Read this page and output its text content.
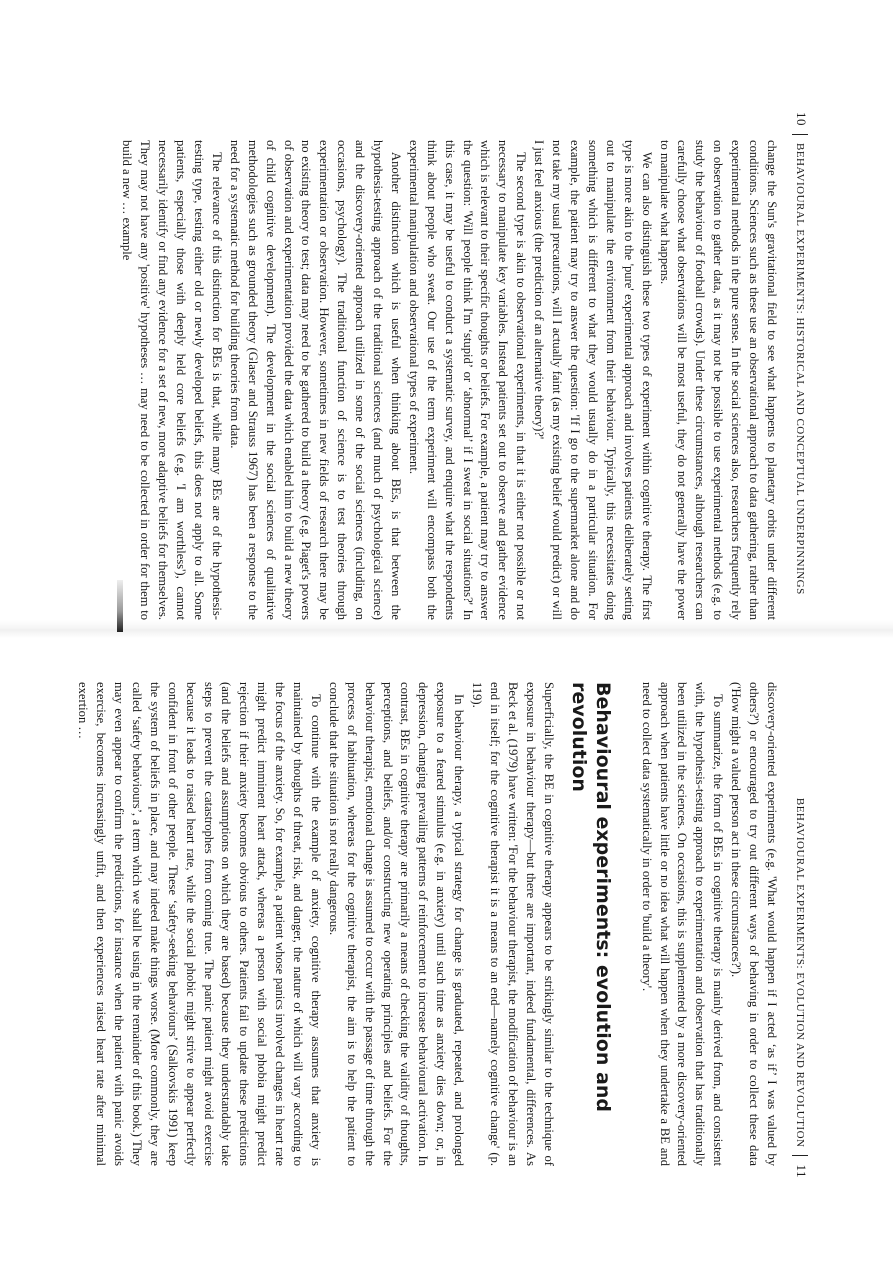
10BEHAVIOURAL EXPERIMENTS: HISTORICAL AND CONCEPTUAL UNDERPINNINGS

change the Sun's gravitational field to see what happens to planetary orbits under different conditions. Sciences such as these use an observational approach to data gathering, rather than experimental methods in the pure sense. In the social sciences also, researchers frequently rely on observation to gather data, as it may not be possible to use experimental methods (e.g. to study the behaviour of football crowds). Under these circumstances, although researchers can carefully choose what observations will be most useful, they do not generally have the power to manipulate what happens.

We can also distinguish these two types of experiment within cognitive therapy. The first type is more akin to the 'pure' experimental approach and involves patients deliberately setting out to manipulate the environment from their behaviour. Typically, this necessitates doing something which is different to what they would usually do in a particular situation. For example, the patient may try to answer the question: 'If I go to the supermarket alone and do not take my usual precautions, will I actually faint (as my existing belief would predict) or will I just feel anxious (the prediction of an alternative theory)?'

The second type is akin to observational experiments, in that it is either not possible or not necessary to manipulate key variables. Instead patients set out to observe and gather evidence which is relevant to their specific thoughts or beliefs. For example, a patient may try to answer the question: 'Will people think I'm ‘stupid’ or ‘abnormal’ if I sweat in social situations?' In this case, it may be useful to conduct a systematic survey, and enquire what the respondents think about people who sweat. Our use of the term experiment will encompass both the experimental manipulation and observational types of experiment.

Another distinction which is useful when thinking about BEs, is that between the hypothesis-testing approach of the traditional sciences (and much of psychological science) and the discovery-oriented approach utilized in some of the social sciences (including, on occasions, psychology). The traditional function of science is to test theories through experimentation or observation. However, sometimes in new fields of research there may be no existing theory to test; data may need to be gathered to build a theory (e.g. Piaget's powers of observation and experimentation provided the data which enabled him to build a new theory of child cognitive development). The development in the social sciences of qualitative methodologies such as grounded theory (Glaser and Strauss 1967) has been a response to the need for a systematic method for building theories from data.

The relevance of this distinction for BEs is that, while many BEs are of the hypothesis-testing type, testing either old or newly developed beliefs, this does not apply to all. Some patients, especially those with deeply held core beliefs (e.g. 'I am worthless'), cannot necessarily identify or find any evidence for a set of new, more adaptive beliefs for themselves. They may not have any 'positive' hypotheses … may need to be collected in order for them to build a new … example

BEHAVIOURAL EXPERIMENTS: EVOLUTION AND REVOLUTION11

discovery-oriented experiments (e.g. 'What would happen if I acted ‘as if’ I was valued by others?') or encouraged to try out different ways of behaving in order to collect these data ('How might a valued person act in these circumstances?').

To summarize, the form of BEs in cognitive therapy is mainly derived from, and consistent with, the hypothesis-testing approach to experimentation and observation that has traditionally been utilized in the sciences. On occasions, this is supplemented by a more discovery-oriented approach when patients have little or no idea what will happen when they undertake a BE and need to collect data systematically in order to 'build a theory'.

Behavioural experiments: evolution and revolution

Superficially, the BE in cognitive therapy appears to be strikingly similar to the technique of exposure in behaviour therapy—but there are important, indeed fundamental, differences. As Beck et al. (1979) have written: 'For the behaviour therapist, the modification of behaviour is an end in itself; for the cognitive therapist it is a means to an end—namely cognitive change' (p. 119).

In behaviour therapy, a typical strategy for change is graduated, repeated, and prolonged exposure to a feared stimulus (e.g. in anxiety) until such time as anxiety dies down; or, in depression, changing prevailing patterns of reinforcement to increase behavioural activation. In contrast, BEs in cognitive therapy are primarily a means of checking the validity of thoughts, perceptions, and beliefs, and/or constructing new operating principles and beliefs. For the behaviour therapist, emotional change is assumed to occur with the passage of time through the process of habituation, whereas for the cognitive therapist, the aim is to help the patient to conclude that the situation is not really dangerous.

To continue with the example of anxiety, cognitive therapy assumes that anxiety is maintained by thoughts of threat, risk, and danger, the nature of which will vary according to the focus of the anxiety. So, for example, a patient whose panics involved changes in heart rate might predict imminent heart attack, whereas a person with social phobia might predict rejection if their anxiety becomes obvious to others. Patients fail to update these predictions (and the beliefs and assumptions on which they are based) because they understandably take steps to prevent the catastrophes from coming true. The panic patient might avoid exercise because it leads to raised heart rate, while the social phobic might strive to appear perfectly confident in front of other people. These ‘safety-seeking behaviours’ (Salkovskis 1991) keep the system of beliefs in place, and may indeed make things worse. (More commonly, they are called ‘safety behaviours’, a term which we shall be using in the remainder of this book.) They may even appear to confirm the predictions, for instance when the patient with panic avoids exercise, becomes increasingly unfit, and then experiences raised heart rate after minimal exertion …
